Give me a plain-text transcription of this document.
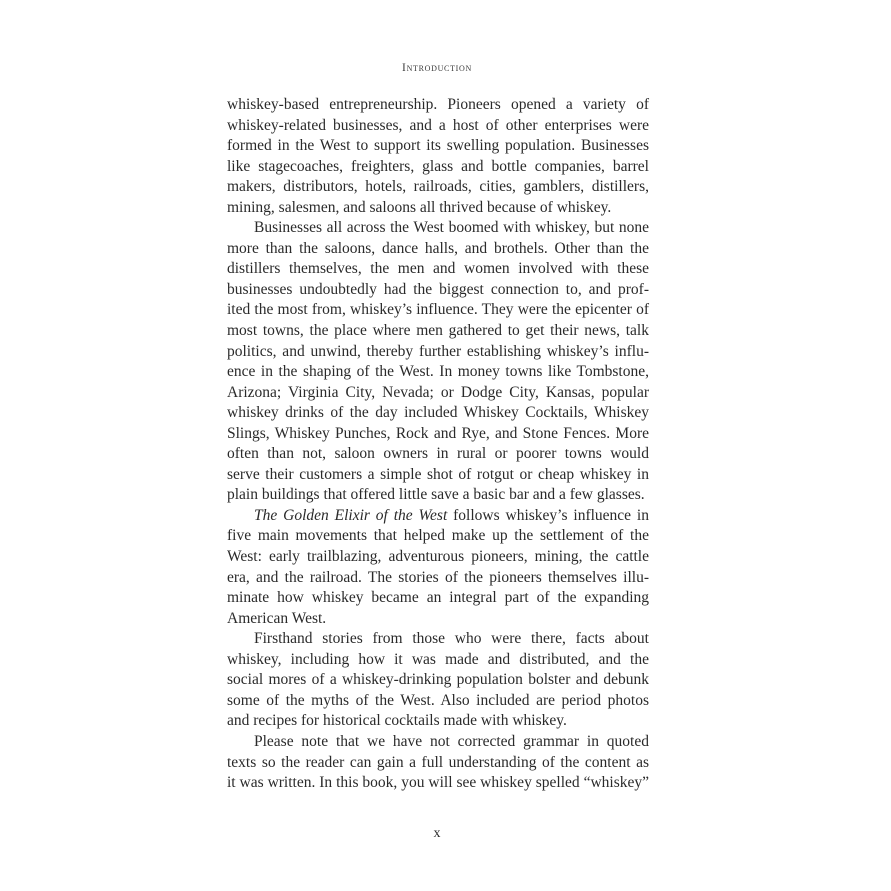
Introduction
whiskey-based entrepreneurship. Pioneers opened a variety of
whiskey-related businesses, and a host of other enterprises were
formed in the West to support its swelling population. Businesses
like stagecoaches, freighters, glass and bottle companies, barrel
makers, distributors, hotels, railroads, cities, gamblers, distillers,
mining, salesmen, and saloons all thrived because of whiskey.
Businesses all across the West boomed with whiskey, but none
more than the saloons, dance halls, and brothels. Other than the
distillers themselves, the men and women involved with these
businesses undoubtedly had the biggest connection to, and prof-
ited the most from, whiskey’s influence. They were the epicenter of
most towns, the place where men gathered to get their news, talk
politics, and unwind, thereby further establishing whiskey’s influ-
ence in the shaping of the West. In money towns like Tombstone,
Arizona; Virginia City, Nevada; or Dodge City, Kansas, popular
whiskey drinks of the day included Whiskey Cocktails, Whiskey
Slings, Whiskey Punches, Rock and Rye, and Stone Fences. More
often than not, saloon owners in rural or poorer towns would
serve their customers a simple shot of rotgut or cheap whiskey in
plain buildings that offered little save a basic bar and a few glasses.
The Golden Elixir of the West follows whiskey’s influence in
five main movements that helped make up the settlement of the
West: early trailblazing, adventurous pioneers, mining, the cattle
era, and the railroad. The stories of the pioneers themselves illu-
minate how whiskey became an integral part of the expanding
American West.
Firsthand stories from those who were there, facts about
whiskey, including how it was made and distributed, and the
social mores of a whiskey-drinking population bolster and debunk
some of the myths of the West. Also included are period photos
and recipes for historical cocktails made with whiskey.
Please note that we have not corrected grammar in quoted
texts so the reader can gain a full understanding of the content as
it was written. In this book, you will see whiskey spelled “whiskey”
x
